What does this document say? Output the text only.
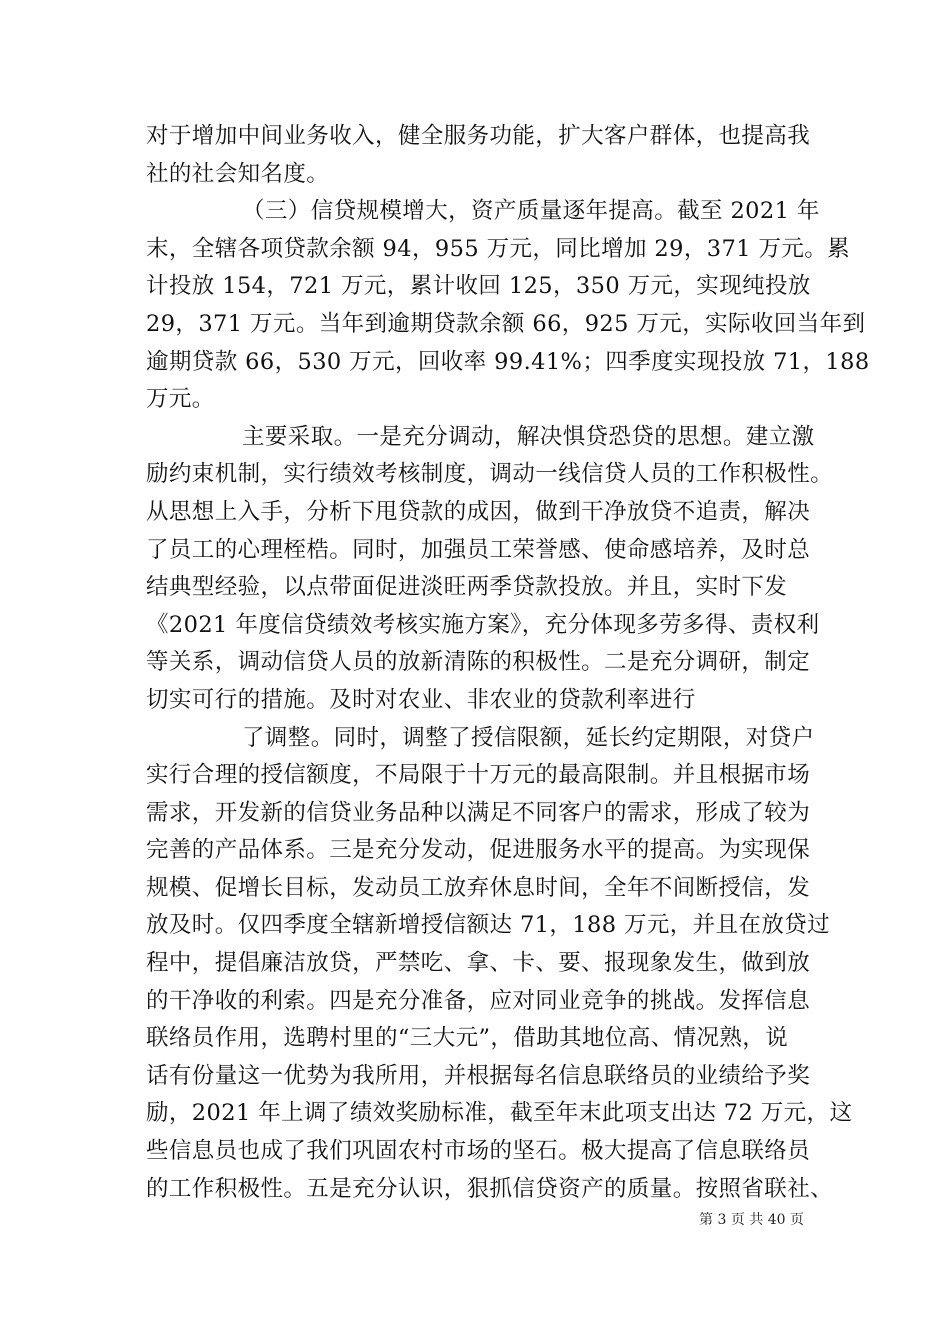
对于增加中间业务收入，健全服务功能，扩大客户群体，也提高我
社的社会知名度。
（三）信贷规模增大，资产质量逐年提高。截至 2021 年
末，全辖各项贷款余额 94，955 万元，同比增加 29，371 万元。累
计投放 154，721 万元，累计收回 125，350 万元，实现纯投放
29，371 万元。当年到逾期贷款余额 66，925 万元，实际收回当年到
逾期贷款 66，530 万元，回收率 99.41%；四季度实现投放 71，188
万元。
主要采取。一是充分调动，解决惧贷恐贷的思想。建立激
励约束机制，实行绩效考核制度，调动一线信贷人员的工作积极性。
从思想上入手，分析下甩贷款的成因，做到干净放贷不追责，解决
了员工的心理桎梏。同时，加强员工荣誉感、使命感培养，及时总
结典型经验，以点带面促进淡旺两季贷款投放。并且，实时下发
《2021 年度信贷绩效考核实施方案》，充分体现多劳多得、责权利
等关系，调动信贷人员的放新清陈的积极性。二是充分调研，制定
切实可行的措施。及时对农业、非农业的贷款利率进行
了调整。同时，调整了授信限额，延长约定期限，对贷户
实行合理的授信额度，不局限于十万元的最高限制。并且根据市场
需求，开发新的信贷业务品种以满足不同客户的需求，形成了较为
完善的产品体系。三是充分发动，促进服务水平的提高。为实现保
规模、促增长目标，发动员工放弃休息时间，全年不间断授信，发
放及时。仅四季度全辖新增授信额达 71，188 万元，并且在放贷过
程中，提倡廉洁放贷，严禁吃、拿、卡、要、报现象发生，做到放
的干净收的利索。四是充分准备，应对同业竞争的挑战。发挥信息
联络员作用，选聘村里的“三大元”，借助其地位高、情况熟，说
话有份量这一优势为我所用，并根据每名信息联络员的业绩给予奖
励，2021 年上调了绩效奖励标准，截至年末此项支出达 72 万元，这
些信息员也成了我们巩固农村市场的坚石。极大提高了信息联络员
的工作积极性。五是充分认识，狠抓信贷资产的质量。按照省联社、
第 3 页 共 40 页
